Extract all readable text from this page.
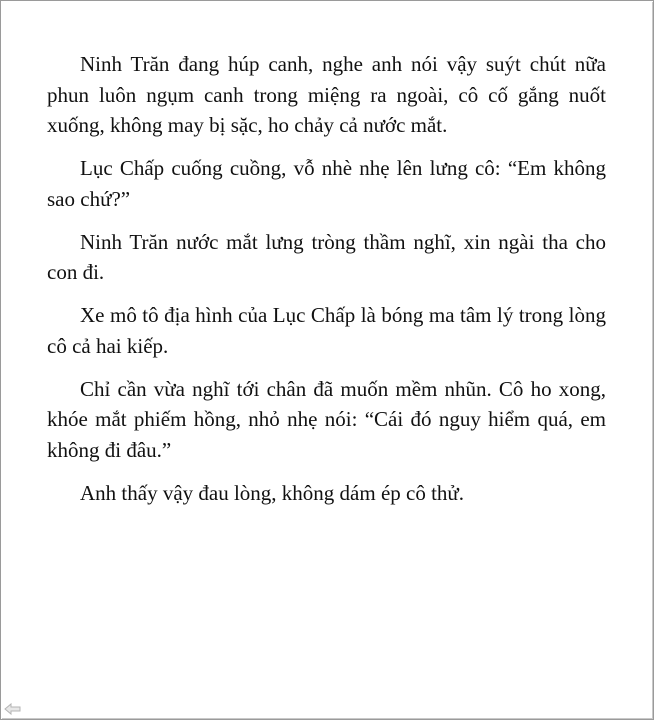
Ninh Trăn đang húp canh, nghe anh nói vậy suýt chút nữa phun luôn ngụm canh trong miệng ra ngoài, cô cố gắng nuốt xuống, không may bị sặc, ho chảy cả nước mắt.

Lục Chấp cuống cuồng, vỗ nhè nhẹ lên lưng cô: “Em không sao chứ?”

Ninh Trăn nước mắt lưng tròng thầm nghĩ, xin ngài tha cho con đi.

Xe mô tô địa hình của Lục Chấp là bóng ma tâm lý trong lòng cô cả hai kiếp.

Chỉ cần vừa nghĩ tới chân đã muốn mềm nhũn. Cô ho xong, khóe mắt phiếm hồng, nhỏ nhẹ nói: “Cái đó nguy hiểm quá, em không đi đâu.”

Anh thấy vậy đau lòng, không dám ép cô thử.
